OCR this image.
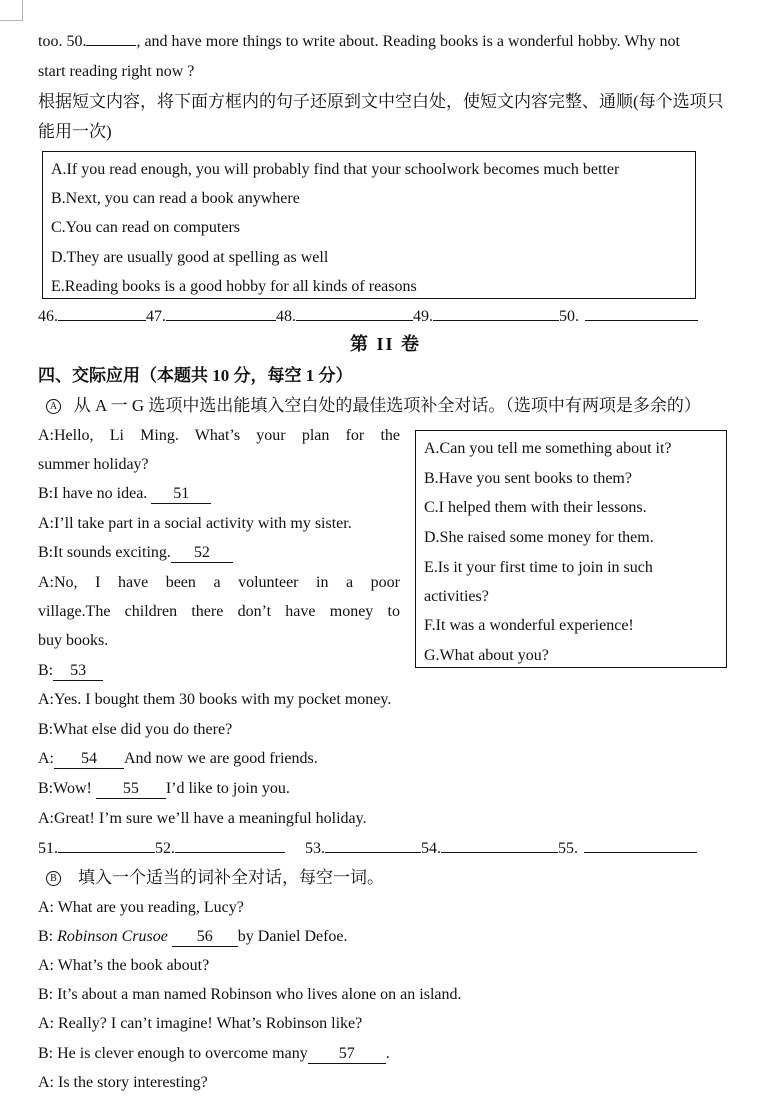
too. 50.	, and have more things to write about. Reading books is a wonderful hobby. Why not
start reading right now ?
根据短文内容，将下面方框内的句子还原到文中空白处，使短文内容完整、通顺(每个选项只
能用一次)
A.If you read enough, you will probably find that your schoolwork becomes much better
B.Next, you can read a book anywhere
C.You can read on computers
D.They are usually good at spelling as well
E.Reading books is a good hobby for all kinds of reasons
46.	47.	48.	49.	50.
第 II 卷
四、交际应用（本题共 10 分，每空 1 分）
A 从 A 一 G 选项中选出能填入空白处的最佳选项补全对话。（选项中有两项是多余的）
A.Can you tell me something about it?
B.Have you sent books to them?
C.I helped them with their lessons.
D.She raised some money for them.
E.Is it your first time to join in such
activities?
F.It was a wonderful experience!
G.What about you?
A:Hello, Li Ming. What’s your plan for the
summer holiday?
B:I have no idea. 51
A:I’ll take part in a social activity with my sister.
B:It sounds exciting. 52
A:No, I have been a volunteer in a poor
village.The children there don’t have money to
buy books.
B: 53
A:Yes. I bought them 30 books with my pocket money.
B:What else did you do there?
A: 54 And now we are good friends.
B:Wow! 55 I’d like to join you.
A:Great! I’m sure we’ll have a meaningful holiday.
51.	52.	53.	54.	55.
B 填入一个适当的词补全对话，每空一词。
A: What are you reading, Lucy?
B: Robinson Crusoe 56 by Daniel Defoe.
A: What’s the book about?
B: It’s about a man named Robinson who lives alone on an island.
A: Really? I can’t imagine! What’s Robinson like?
B: He is clever enough to overcome many 57 .
A: Is the story interesting?
